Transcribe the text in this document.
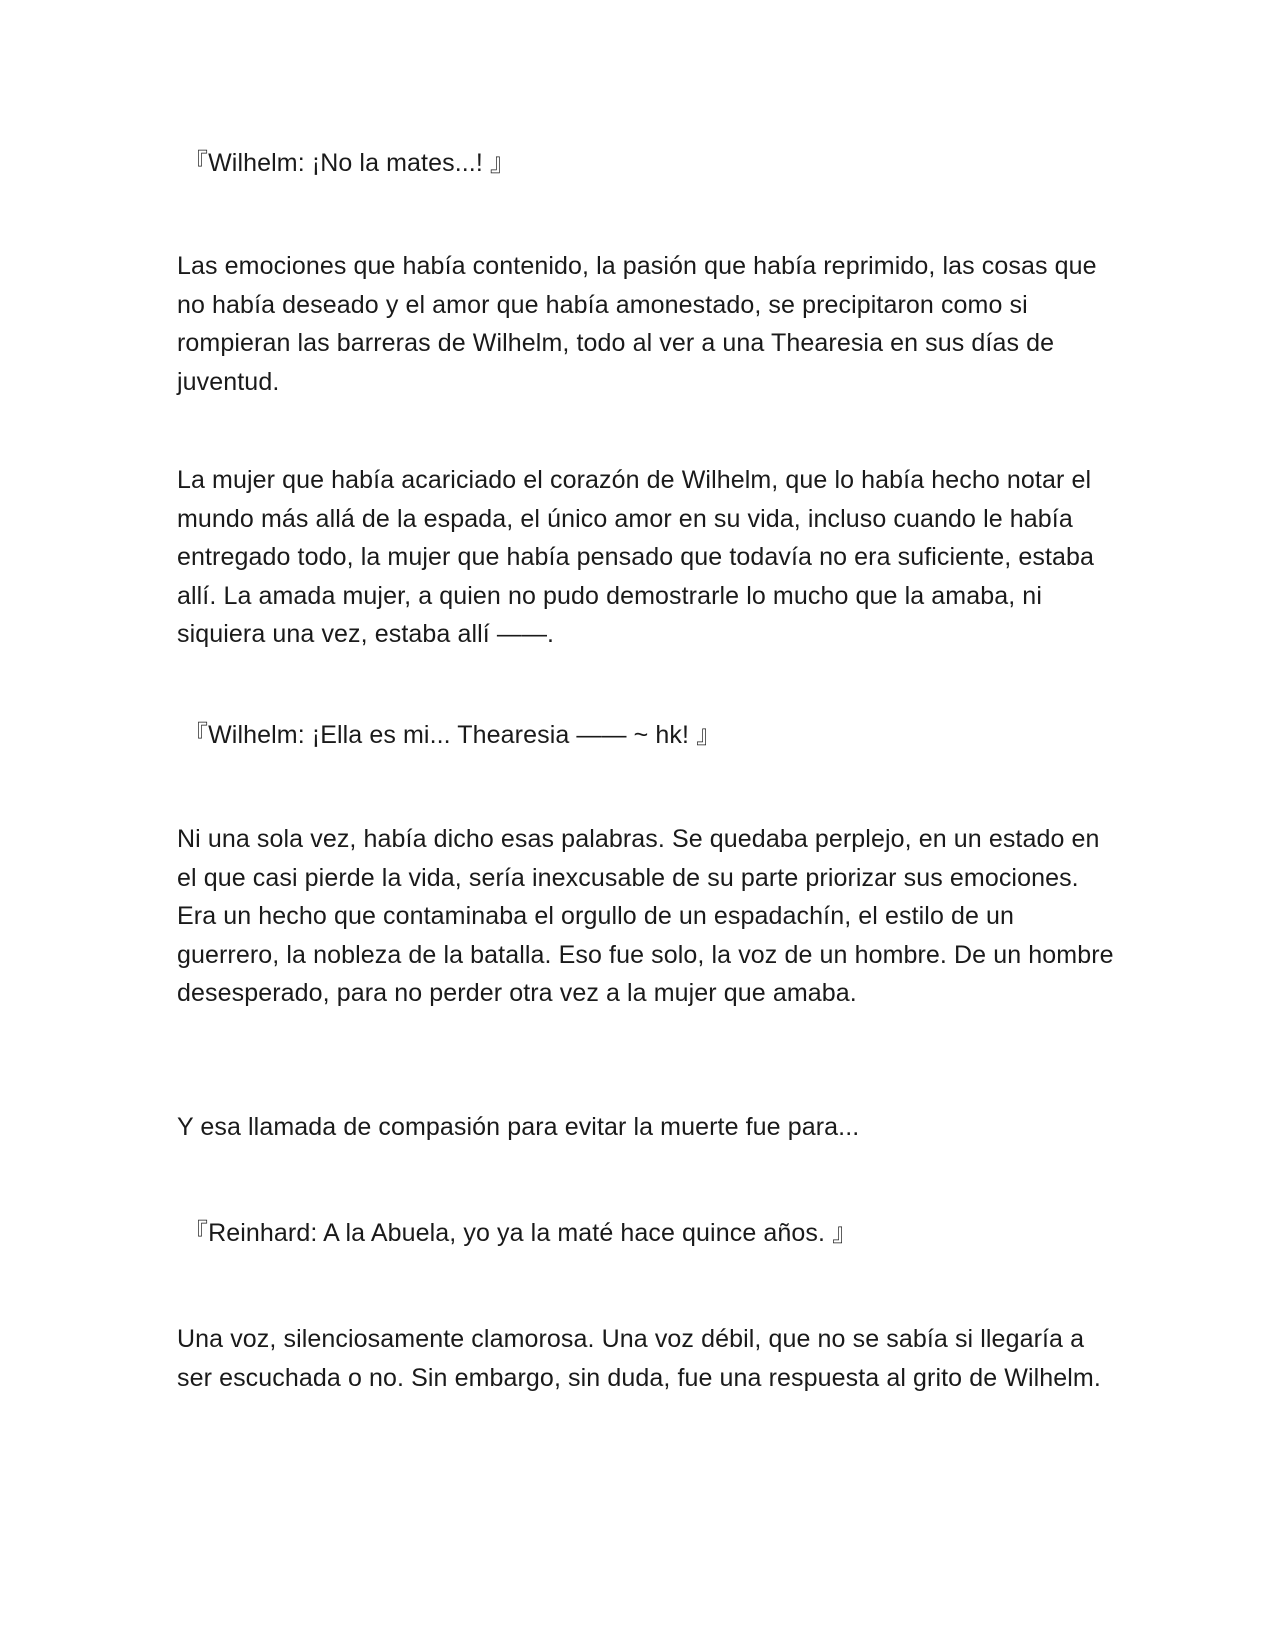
『Wilhelm: ¡No la mates...! 』

Las emociones que había contenido, la pasión que había reprimido, las cosas que no había deseado y el amor que había amonestado, se precipitaron como si rompieran las barreras de Wilhelm, todo al ver a una Thearesia en sus días de juventud.

La mujer que había acariciado el corazón de Wilhelm, que lo había hecho notar el mundo más allá de la espada, el único amor en su vida, incluso cuando le había entregado todo, la mujer que había pensado que todavía no era suficiente, estaba allí. La amada mujer, a quien no pudo demostrarle lo mucho que la amaba, ni siquiera una vez, estaba allí ――.

『Wilhelm: ¡Ella es mi... Thearesia ―― ~ hk! 』

Ni una sola vez, había dicho esas palabras. Se quedaba perplejo, en un estado en el que casi pierde la vida, sería inexcusable de su parte priorizar sus emociones. Era un hecho que contaminaba el orgullo de un espadachín, el estilo de un guerrero, la nobleza de la batalla. Eso fue solo, la voz de un hombre. De un hombre desesperado, para no perder otra vez a la mujer que amaba.

Y esa llamada de compasión para evitar la muerte fue para...

『Reinhard: A la Abuela, yo ya la maté hace quince años. 』

Una voz, silenciosamente clamorosa. Una voz débil, que no se sabía si llegaría a ser escuchada o no. Sin embargo, sin duda, fue una respuesta al grito de Wilhelm.
